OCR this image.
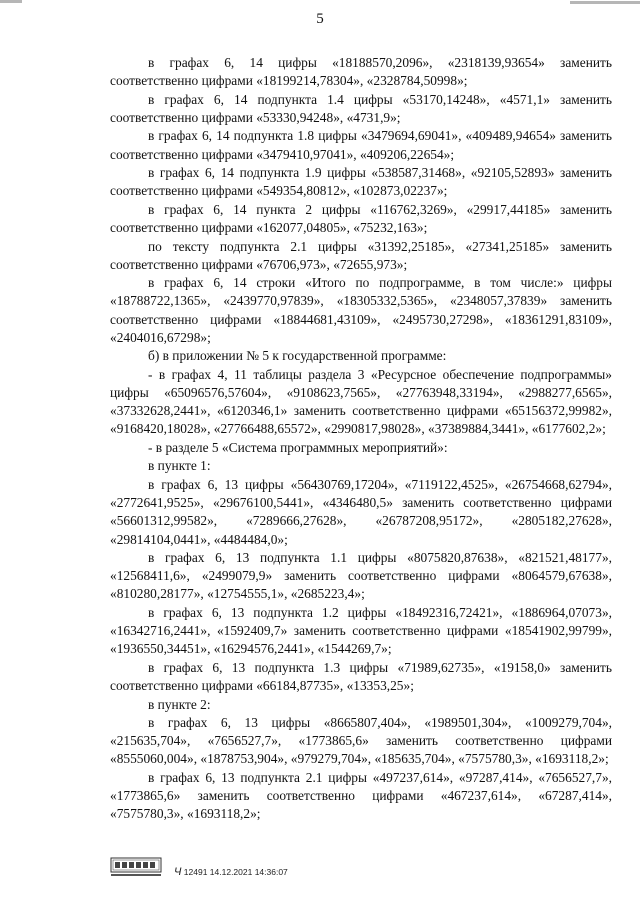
5

в графах 6, 14 цифры «18188570,2096», «2318139,93654» заменить соответственно цифрами «18199214,78304», «2328784,50998»;

в графах 6, 14 подпункта 1.4 цифры «53170,14248», «4571,1» заменить соответственно цифрами «53330,94248», «4731,9»;

в графах 6, 14 подпункта 1.8 цифры «3479694,69041», «409489,94654» заменить соответственно цифрами «3479410,97041», «409206,22654»;

в графах 6, 14 подпункта 1.9 цифры «538587,31468», «92105,52893» заменить соответственно цифрами «549354,80812», «102873,02237»;

в графах 6, 14 пункта 2 цифры «116762,3269», «29917,44185» заменить соответственно цифрами «162077,04805», «75232,163»;

по тексту подпункта 2.1 цифры «31392,25185», «27341,25185» заменить соответственно цифрами «76706,973», «72655,973»;

в графах 6, 14 строки «Итого по подпрограмме, в том числе:» цифры «18788722,1365», «2439770,97839», «18305332,5365», «2348057,37839» заменить соответственно цифрами «18844681,43109», «2495730,27298», «18361291,83109», «2404016,67298»;

б) в приложении № 5 к государственной программе:

- в графах 4, 11 таблицы раздела 3 «Ресурсное обеспечение подпрограммы» цифры «65096576,57604», «9108623,7565», «27763948,33194», «2988277,6565», «37332628,2441», «6120346,1» заменить соответственно цифрами «65156372,99982», «9168420,18028», «27766488,65572», «2990817,98028», «37389884,3441», «6177602,2»;

- в разделе 5 «Система программных мероприятий»:

в пункте 1:

в графах 6, 13 цифры «56430769,17204», «7119122,4525», «26754668,62794», «2772641,9525», «29676100,5441», «4346480,5» заменить соответственно цифрами «56601312,99582», «7289666,27628», «26787208,95172», «2805182,27628», «29814104,0441», «4484484,0»;

в графах 6, 13 подпункта 1.1 цифры «8075820,87638», «821521,48177», «12568411,6», «2499079,9» заменить соответственно цифрами «8064579,67638», «810280,28177», «12754555,1», «2685223,4»;

в графах 6, 13 подпункта 1.2 цифры «18492316,72421», «1886964,07073», «16342716,2441», «1592409,7» заменить соответственно цифрами «18541902,99799», «1936550,34451», «16294576,2441», «1544269,7»;

в графах 6, 13 подпункта 1.3 цифры «71989,62735», «19158,0» заменить соответственно цифрами «66184,87735», «13353,25»;

в пункте 2:

в графах 6, 13 цифры «8665807,404», «1989501,304», «1009279,704», «215635,704», «7656527,7», «1773865,6» заменить соответственно цифрами «8555060,004», «1878753,904», «979279,704», «185635,704», «7575780,3», «1693118,2»;

в графах 6, 13 подпункта 2.1 цифры «497237,614», «97287,414», «7656527,7», «1773865,6» заменить соответственно цифрами «467237,614», «67287,414», «7575780,3», «1693118,2»;

Ч 12491 14.12.2021 14:36:07
